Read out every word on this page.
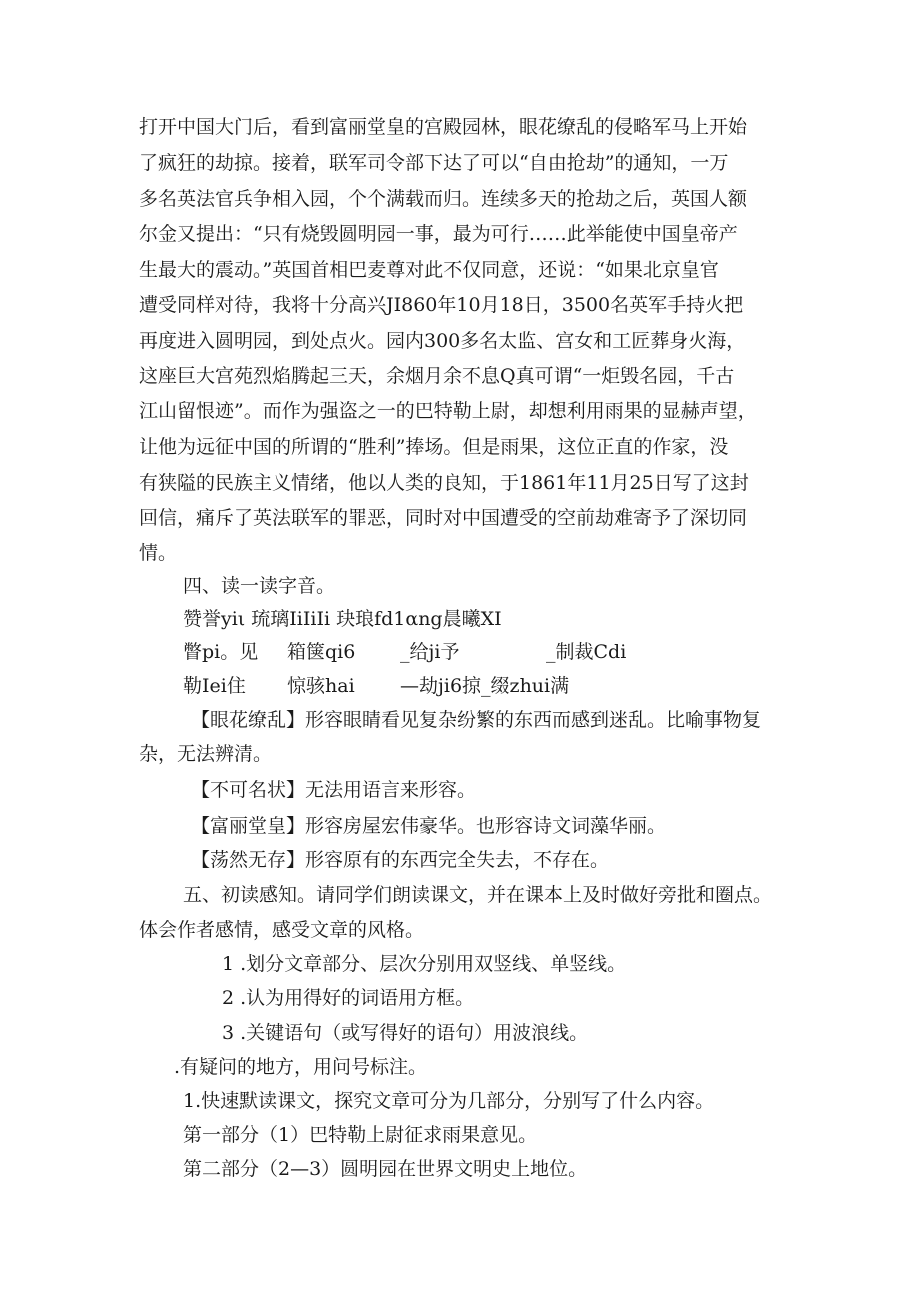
打开中国大门后，看到富丽堂皇的宫殿园林，眼花缭乱的侵略军马上开始
了疯狂的劫掠。接着，联军司令部下达了可以“自由抢劫”的通知，一万
多名英法官兵争相入园，个个满载而归。连续多天的抢劫之后，英国人额
尔金又提出：“只有烧毁圆明园一事，最为可行……此举能使中国皇帝产
生最大的震动。”英国首相巴麦尊对此不仅同意，还说：“如果北京皇官
遭受同样对待，我将十分高兴JI860年10月18日，3500名英军手持火把
再度进入圆明园，到处点火。园内300多名太监、宫女和工匠葬身火海，
这座巨大宫苑烈焰腾起三天，余烟月余不息Q真可谓“一炬毁名园，千古
江山留恨迹”。而作为强盗之一的巴特勒上尉，却想利用雨果的显赫声望，
让他为远征中国的所谓的“胜利”捧场。但是雨果，这位正直的作家，没
有狭隘的民族主义情绪，他以人类的良知，于1861年11月25日写了这封
回信，痛斥了英法联军的罪恶，同时对中国遭受的空前劫难寄予了深切同
情。
四、读一读字音。
赞誉yiι 琉璃IiIiIi 玦琅fd1αng晨曦XI
瞥pi。见 箱箧qi6 _给ji予	_制裁Cdi
勒Iei住 惊骇hai —劫ji6掠_缀zhui满
【眼花缭乱】形容眼睛看见复杂纷繁的东西而感到迷乱。比喻事物复
杂，无法辨清。
【不可名状】无法用语言来形容。
【富丽堂皇】形容房屋宏伟豪华。也形容诗文词藻华丽。
【荡然无存】形容原有的东西完全失去，不存在。
五、初读感知。请同学们朗读课文，并在课本上及时做好旁批和圈点。
体会作者感情，感受文章的风格。
1 .划分文章部分、层次分别用双竖线、单竖线。
2 .认为用得好的词语用方框。
3 .关键语句（或写得好的语句）用波浪线。
.有疑问的地方，用问号标注。
1.快速默读课文，探究文章可分为几部分，分别写了什么内容。
第一部分（1）巴特勒上尉征求雨果意见。
第二部分（2—3）圆明园在世界文明史上地位。
